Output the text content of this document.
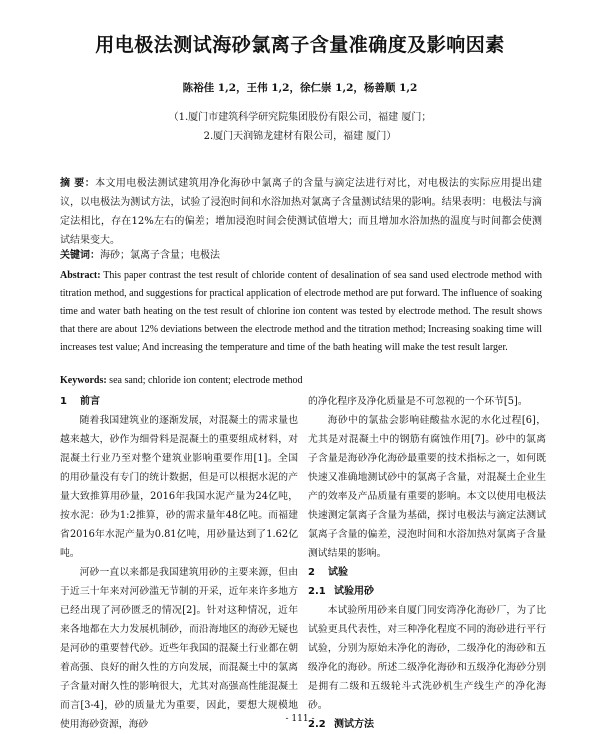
用电极法测试海砂氯离子含量准确度及影响因素
陈裕佳 1,2，王伟 1,2，徐仁崇 1,2，杨善顺 1,2
（1.厦门市建筑科学研究院集团股份有限公司，福建 厦门；
2.厦门天润锦龙建材有限公司，福建 厦门）
摘 要：本文用电极法测试建筑用净化海砂中氯离子的含量与滴定法进行对比，对电极法的实际应用提出建议，以电极法为测试方法，试验了浸泡时间和水浴加热对氯离子含量测试结果的影响。结果表明：电极法与滴定法相比，存在12%左右的偏差；增加浸泡时间会使测试值增大；而且增加水浴加热的温度与时间都会使测试结果变大。
关键词：海砂；氯离子含量；电极法
Abstract: This paper contrast the test result of chloride content of desalination of sea sand used electrode method with titration method, and suggestions for practical application of electrode method are put forward. The influence of soaking time and water bath heating on the test result of chlorine ion content was tested by electrode method. The result shows that there are about 12% deviations between the electrode method and the titration method; Increasing soaking time will increases test value; And increasing the temperature and time of the bath heating will make the test result larger.
Keywords: sea sand; chloride ion content; electrode method
1 前言

随着我国建筑业的逐渐发展，对混凝土的需求量也越来越大，砂作为细骨料是混凝土的重要组成材料，对混凝土行业乃至对整个建筑业影响重要作用[1]。全国的用砂量没有专门的统计数据，但是可以根据水泥的产量大致推算用砂量，2016年我国水泥产量为24亿吨，按水泥：砂为1:2推算，砂的需求量年48亿吨。而福建省2016年水泥产量为0.81亿吨，用砂量达到了1.62亿吨。

河砂一直以来都是我国建筑用砂的主要来源，但由于近三十年来对河砂滥无节制的开采，近年来许多地方已经出现了河砂匮乏的情况[2]。针对这种情况，近年来各地都在大力发展机制砂，而沿海地区的海砂无疑也是河砂的重要替代砂。近些年我国的混凝土行业都在朝着高强、良好的耐久性的方向发展，而混凝土中的氯离子含量对耐久性的影响很大，尤其对高强高性能混凝土而言[3-4]，砂的质量尤为重要，因此，要想大规模地使用海砂资源，海砂

的净化程序及净化质量是不可忽视的一个环节[5]。

海砂中的氯盐会影响硅酸盐水泥的水化过程[6]，尤其是对混凝土中的钢筋有腐蚀作用[7]。砂中的氯离子含量是海砂净化海砂最重要的技术指标之一，如何既快速又准确地测试砂中的氯离子含量，对混凝土企业生产的效率及产品质量有重要的影响。本文以使用电极法快速测定氯离子含量为基础，探讨电极法与滴定法测试氯离子含量的偏差，浸泡时间和水浴加热对氯离子含量测试结果的影响。

2 试验
2.1 试验用砂

本试验所用砂来自厦门同安湾净化海砂厂，为了比试验更具代表性，对三种净化程度不同的海砂进行平行试验，分别为原始未净化的海砂，二级净化的海砂和五级净化的海砂。所述二级净化海砂和五级净化海砂分别是拥有二级和五级轮斗式洗砂机生产线生产的净化海砂。

2.2 测试方法
- 111 -
